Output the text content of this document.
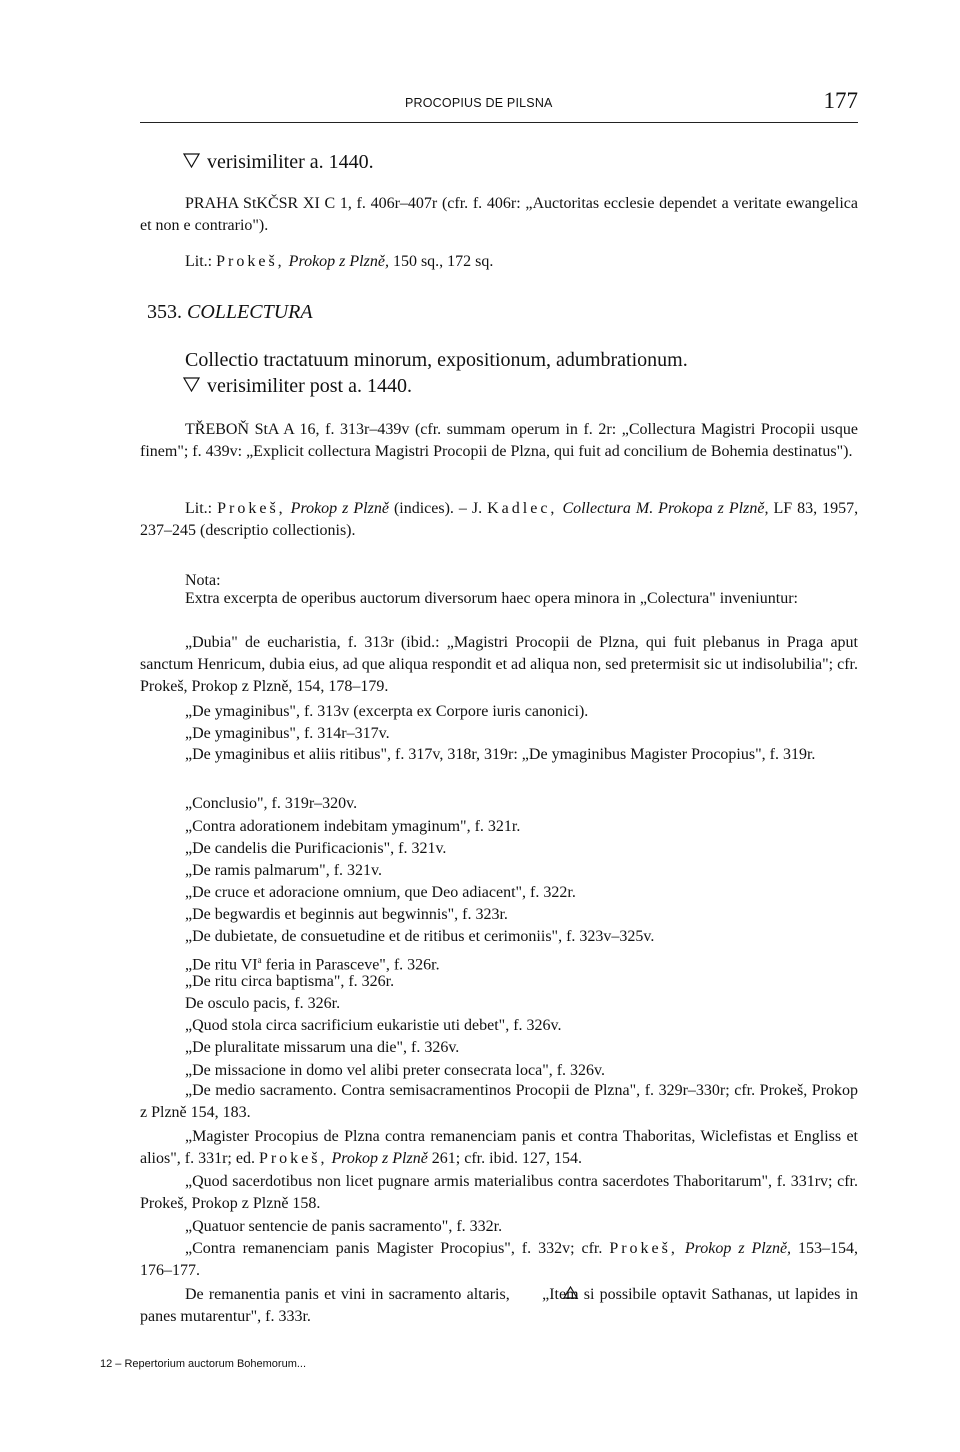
PROCOPIUS DE PILSNA	177
verisimiliter a. 1440.
PRAHA StKČSR XI C 1, f. 406r–407r (cfr. f. 406r: „Auctoritas ecclesie dependet a veritate ewangelica et non e contrario").
Lit.: Prokeš, Prokop z Plzně, 150 sq., 172 sq.
353. COLLECTURA
Collectio tractatuum minorum, expositionum, adumbrationum.
verisimiliter post a. 1440.
TŘEBOŇ StA A 16, f. 313r–439v (cfr. summam operum in f. 2r: „Collectura Magistri Procopii usque finem"; f. 439v: „Explicit collectura Magistri Procopii de Plzna, qui fuit ad concilium de Bohemia destinatus").
Lit.: Prokeš, Prokop z Plzně (indices). – J. Kadlec, Collectura M. Prokopa z Plzně, LF 83, 1957, 237–245 (descriptio collectionis).
Nota:
Extra excerpta de operibus auctorum diversorum haec opera minora in „Colectura" inveniuntur:
„Dubia" de eucharistia, f. 313r (ibid.: „Magistri Procopii de Plzna, qui fuit plebanus in Praga aput sanctum Henricum, dubia eius, ad que aliqua respondit et ad aliqua non, sed pretermisit sic ut indisolubilia"; cfr. Prokeš, Prokop z Plzně, 154, 178–179.
„De ymaginibus", f. 313v (excerpta ex Corpore iuris canonici).
„De ymaginibus", f. 314r–317v.
„De ymaginibus et aliis ritibus", f. 317v, 318r, 319r: „De ymaginibus Magister Procopius", f. 319r.
„Conclusio", f. 319r–320v.
„Contra adorationem indebitam ymaginum", f. 321r.
„De candelis die Purificacionis", f. 321v.
„De ramis palmarum", f. 321v.
„De cruce et adoracione omnium, que Deo adiacent", f. 322r.
„De begwardis et beginnis aut begwinnis", f. 323r.
„De dubietate, de consuetudine et de ritibus et cerimoniis", f. 323v–325v.
„De ritu $VI^a$ feria in Parasceve", f. 326r.
„De ritu circa baptisma", f. 326r.
De osculo pacis, f. 326r.
„Quod stola circa sacrificium eukaristie uti debet", f. 326v.
„De pluralitate missarum una die", f. 326v.
„De missacione in domo vel alibi preter consecrata loca", f. 326v.
„De medio sacramento. Contra semisacramentinos Procopii de Plzna", f. 329r–330r; cfr. Prokeš, Prokop z Plzně 154, 183.
„Magister Procopius de Plzna contra remanenciam panis et contra Thaboritas, Wiclefistas et Engliss et alios", f. 331r; ed. Prokeš, Prokop z Plzně 261; cfr. ibid. 127, 154.
„Quod sacerdotibus non licet pugnare armis materialibus contra sacerdotes Thaboritarum", f. 331rv; cfr. Prokeš, Prokop z Plzně 158.
„Quatuor sentencie de panis sacramento", f. 332r.
„Contra remanenciam panis Magister Procopius", f. 332v; cfr. Prokeš, Prokop z Plzně, 153–154, 176–177.
De remanentia panis et vini in sacramento altaris, „Item si possibile optavit Sathanas, ut lapides in panes mutarentur", f. 333r.
12 – Repertorium auctorum Bohemorum...
